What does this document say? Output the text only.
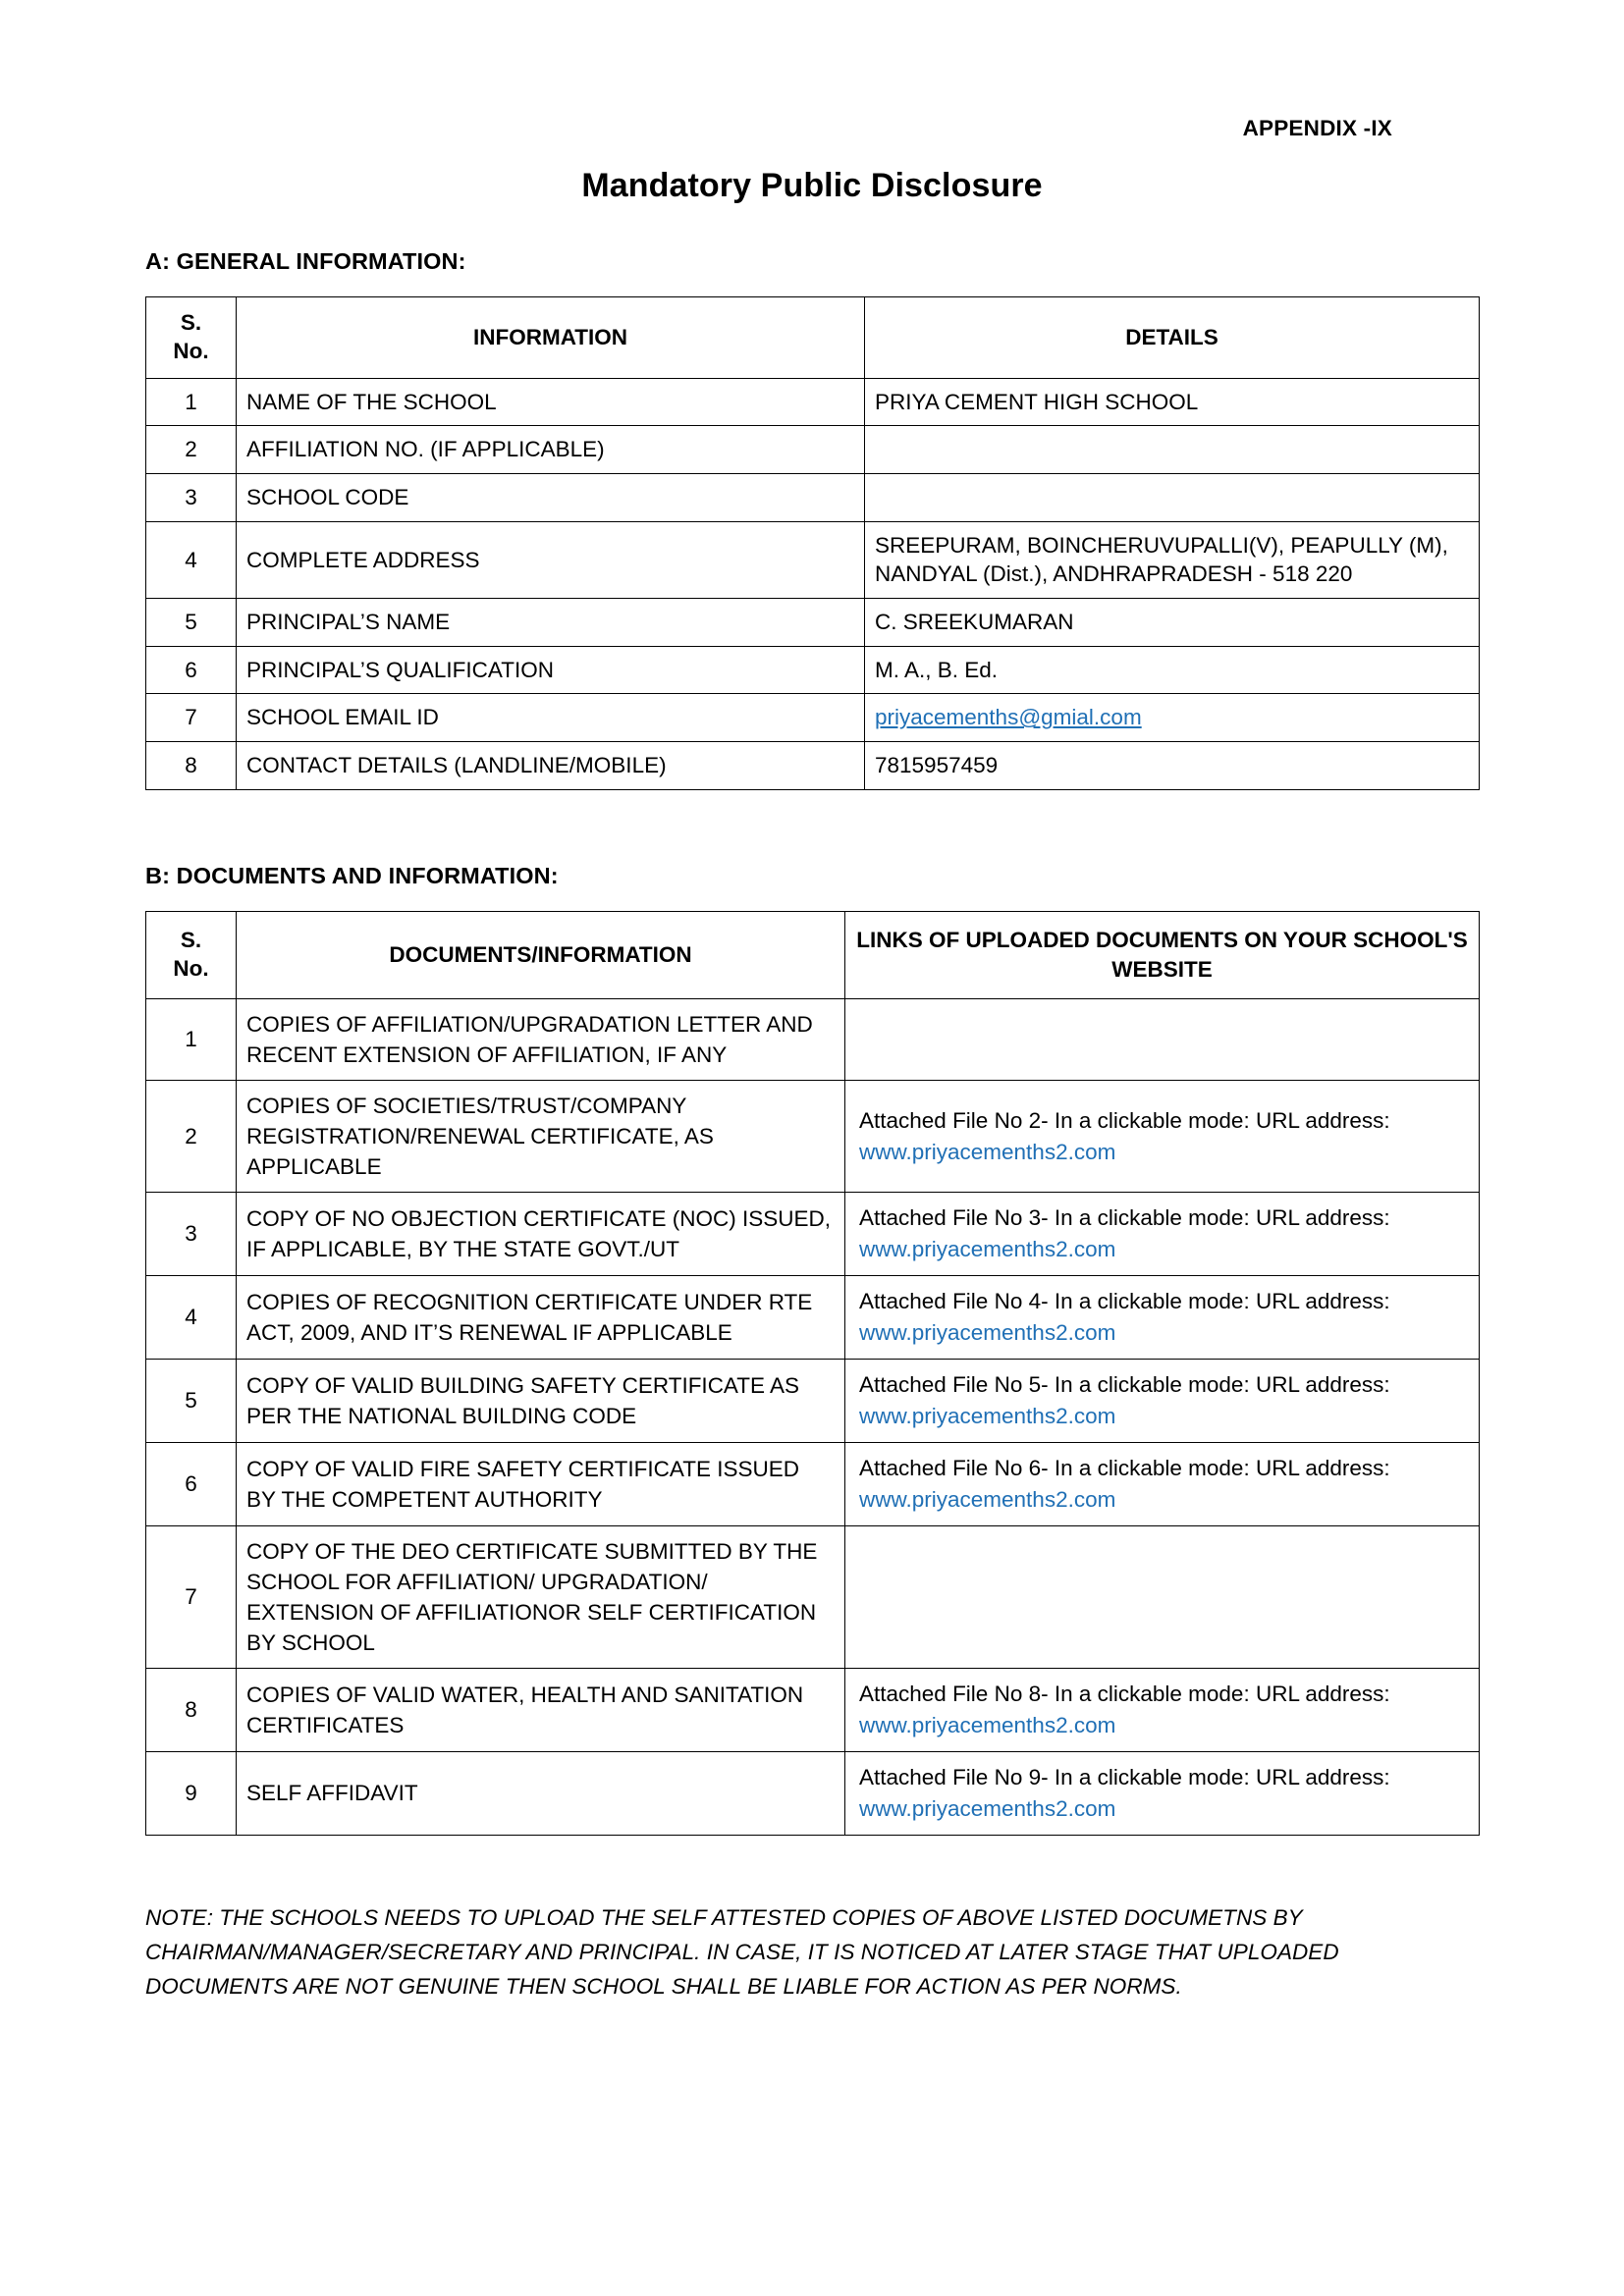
APPENDIX -IX
Mandatory Public Disclosure
A: GENERAL INFORMATION:
S.
No.	INFORMATION	DETAILS
1	NAME OF THE SCHOOL	PRIYA CEMENT HIGH SCHOOL
2	AFFILIATION NO. (IF APPLICABLE)	
3	SCHOOL CODE	
4	COMPLETE ADDRESS	SREEPURAM, BOINCHERUVUPALLI(V), PEAPULLY (M), NANDYAL (Dist.), ANDHRAPRADESH - 518 220
5	PRINCIPAL’S NAME	C. SREEKUMARAN
6	PRINCIPAL’S QUALIFICATION	M. A., B. Ed.
7	SCHOOL EMAIL ID	priyacemenths@gmial.com
8	CONTACT DETAILS (LANDLINE/MOBILE)	7815957459
B: DOCUMENTS AND INFORMATION:
S.
No.	DOCUMENTS/INFORMATION	LINKS OF UPLOADED DOCUMENTS ON YOUR SCHOOL'S WEBSITE
1	COPIES OF AFFILIATION/UPGRADATION LETTER AND RECENT EXTENSION OF AFFILIATION, IF ANY	
2	COPIES OF SOCIETIES/TRUST/COMPANY REGISTRATION/RENEWAL CERTIFICATE, AS APPLICABLE	Attached File No 2- In a clickable mode: URL address: www.priyacemenths2.com
3	COPY OF NO OBJECTION CERTIFICATE (NOC) ISSUED, IF APPLICABLE, BY THE STATE GOVT./UT	Attached File No 3- In a clickable mode: URL address: www.priyacemenths2.com
4	COPIES OF RECOGNITION CERTIFICATE UNDER RTE ACT, 2009, AND IT’S RENEWAL IF APPLICABLE	Attached File No 4- In a clickable mode: URL address: www.priyacemenths2.com
5	COPY OF VALID BUILDING SAFETY CERTIFICATE AS PER THE NATIONAL BUILDING CODE	Attached File No 5- In a clickable mode: URL address: www.priyacemenths2.com
6	COPY OF VALID FIRE SAFETY CERTIFICATE ISSUED BY THE COMPETENT AUTHORITY	Attached File No 6- In a clickable mode: URL address: www.priyacemenths2.com
7	COPY OF THE DEO CERTIFICATE SUBMITTED BY THE SCHOOL FOR AFFILIATION/ UPGRADATION/ EXTENSION OF AFFILIATIONOR SELF CERTIFICATION BY SCHOOL	
8	COPIES OF VALID WATER, HEALTH AND SANITATION CERTIFICATES	Attached File No 8- In a clickable mode: URL address: www.priyacemenths2.com
9	SELF AFFIDAVIT	Attached File No 9- In a clickable mode: URL address: www.priyacemenths2.com
NOTE: THE SCHOOLS NEEDS TO UPLOAD THE SELF ATTESTED COPIES OF ABOVE LISTED DOCUMETNS BY CHAIRMAN/MANAGER/SECRETARY AND PRINCIPAL. IN CASE, IT IS NOTICED AT LATER STAGE THAT UPLOADED DOCUMENTS ARE NOT GENUINE THEN SCHOOL SHALL BE LIABLE FOR ACTION AS PER NORMS.
